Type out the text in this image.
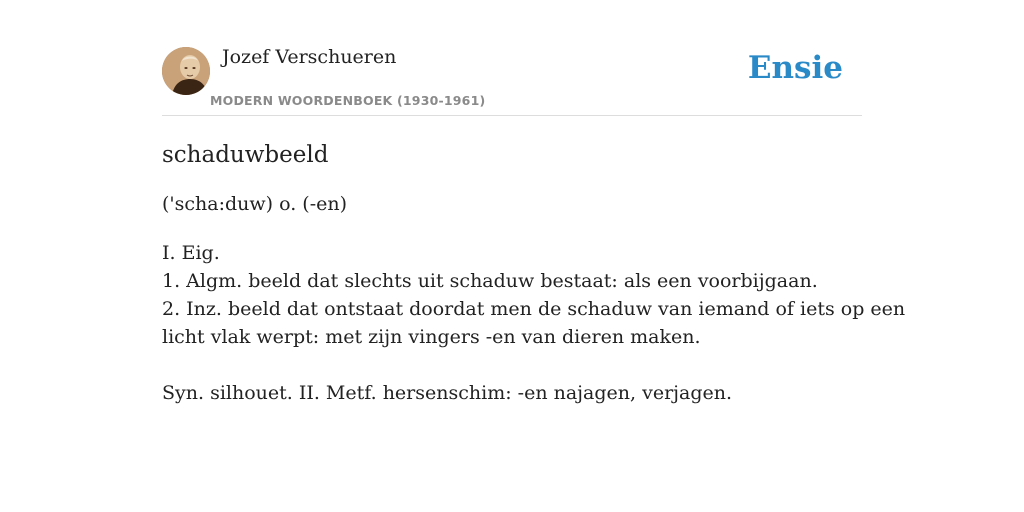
Jozef Verschueren
MODERN WOORDENBOEK (1930-1961)
Ensie
schaduwbeeld
('scha:duw) o. (-en)
I. Eig.
1. Algm. beeld dat slechts uit schaduw bestaat: als een voorbijgaan.
2. Inz. beeld dat ontstaat doordat men de schaduw van iemand of iets op een
licht vlak werpt: met zijn vingers -en van dieren maken.
Syn. silhouet. II. Metf. hersenschim: -en najagen, verjagen.
